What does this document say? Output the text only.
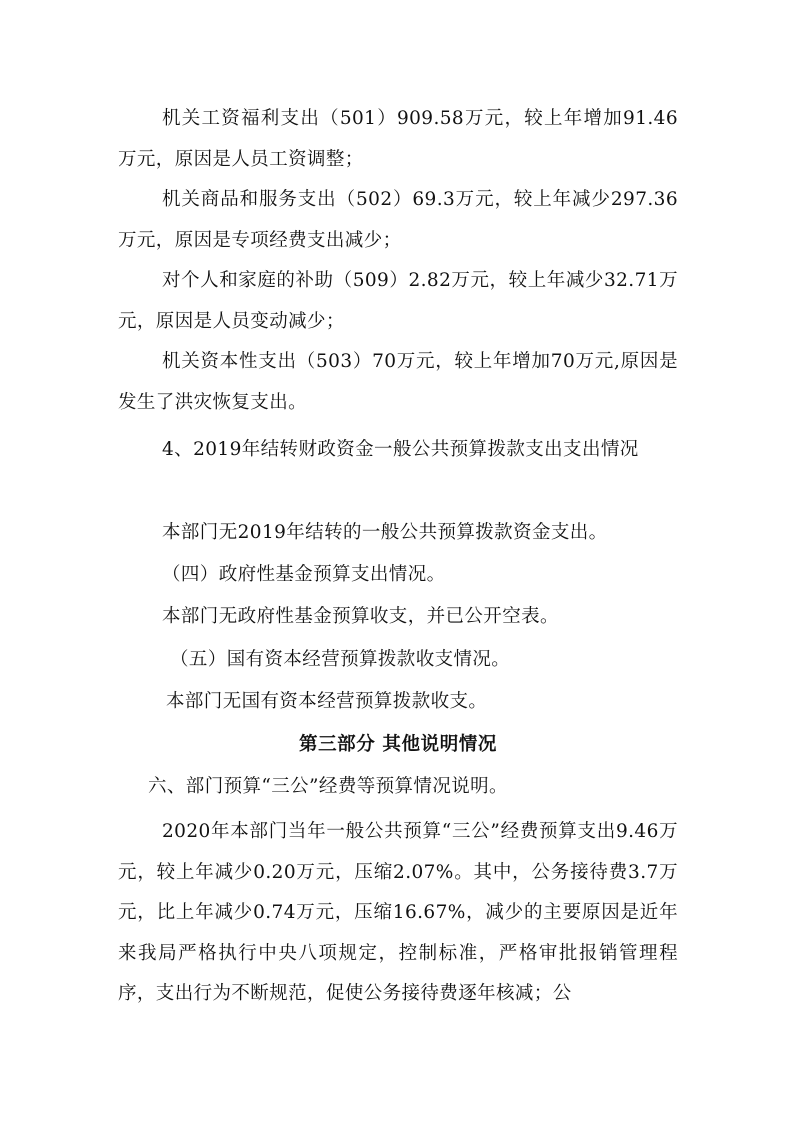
机关工资福利支出（501）909.58万元，较上年增加91.46万元，原因是人员工资调整；
机关商品和服务支出（502）69.3万元，较上年减少297.36万元，原因是专项经费支出减少；
对个人和家庭的补助（509）2.82万元，较上年减少32.71万元，原因是人员变动减少；
机关资本性支出（503）70万元，较上年增加70万元,原因是发生了洪灾恢复支出。
4、2019年结转财政资金一般公共预算拨款支出支出情况
本部门无2019年结转的一般公共预算拨款资金支出。
（四）政府性基金预算支出情况。
本部门无政府性基金预算收支，并已公开空表。
（五）国有资本经营预算拨款收支情况。
本部门无国有资本经营预算拨款收支。
第三部分 其他说明情况
六、部门预算“三公”经费等预算情况说明。
2020年本部门当年一般公共预算“三公”经费预算支出9.46万元，较上年减少0.20万元，压缩2.07%。其中，公务接待费3.7万元，比上年减少0.74万元，压缩16.67%，减少的主要原因是近年来我局严格执行中央八项规定，控制标准，严格审批报销管理程序，支出行为不断规范，促使公务接待费逐年核减；公
